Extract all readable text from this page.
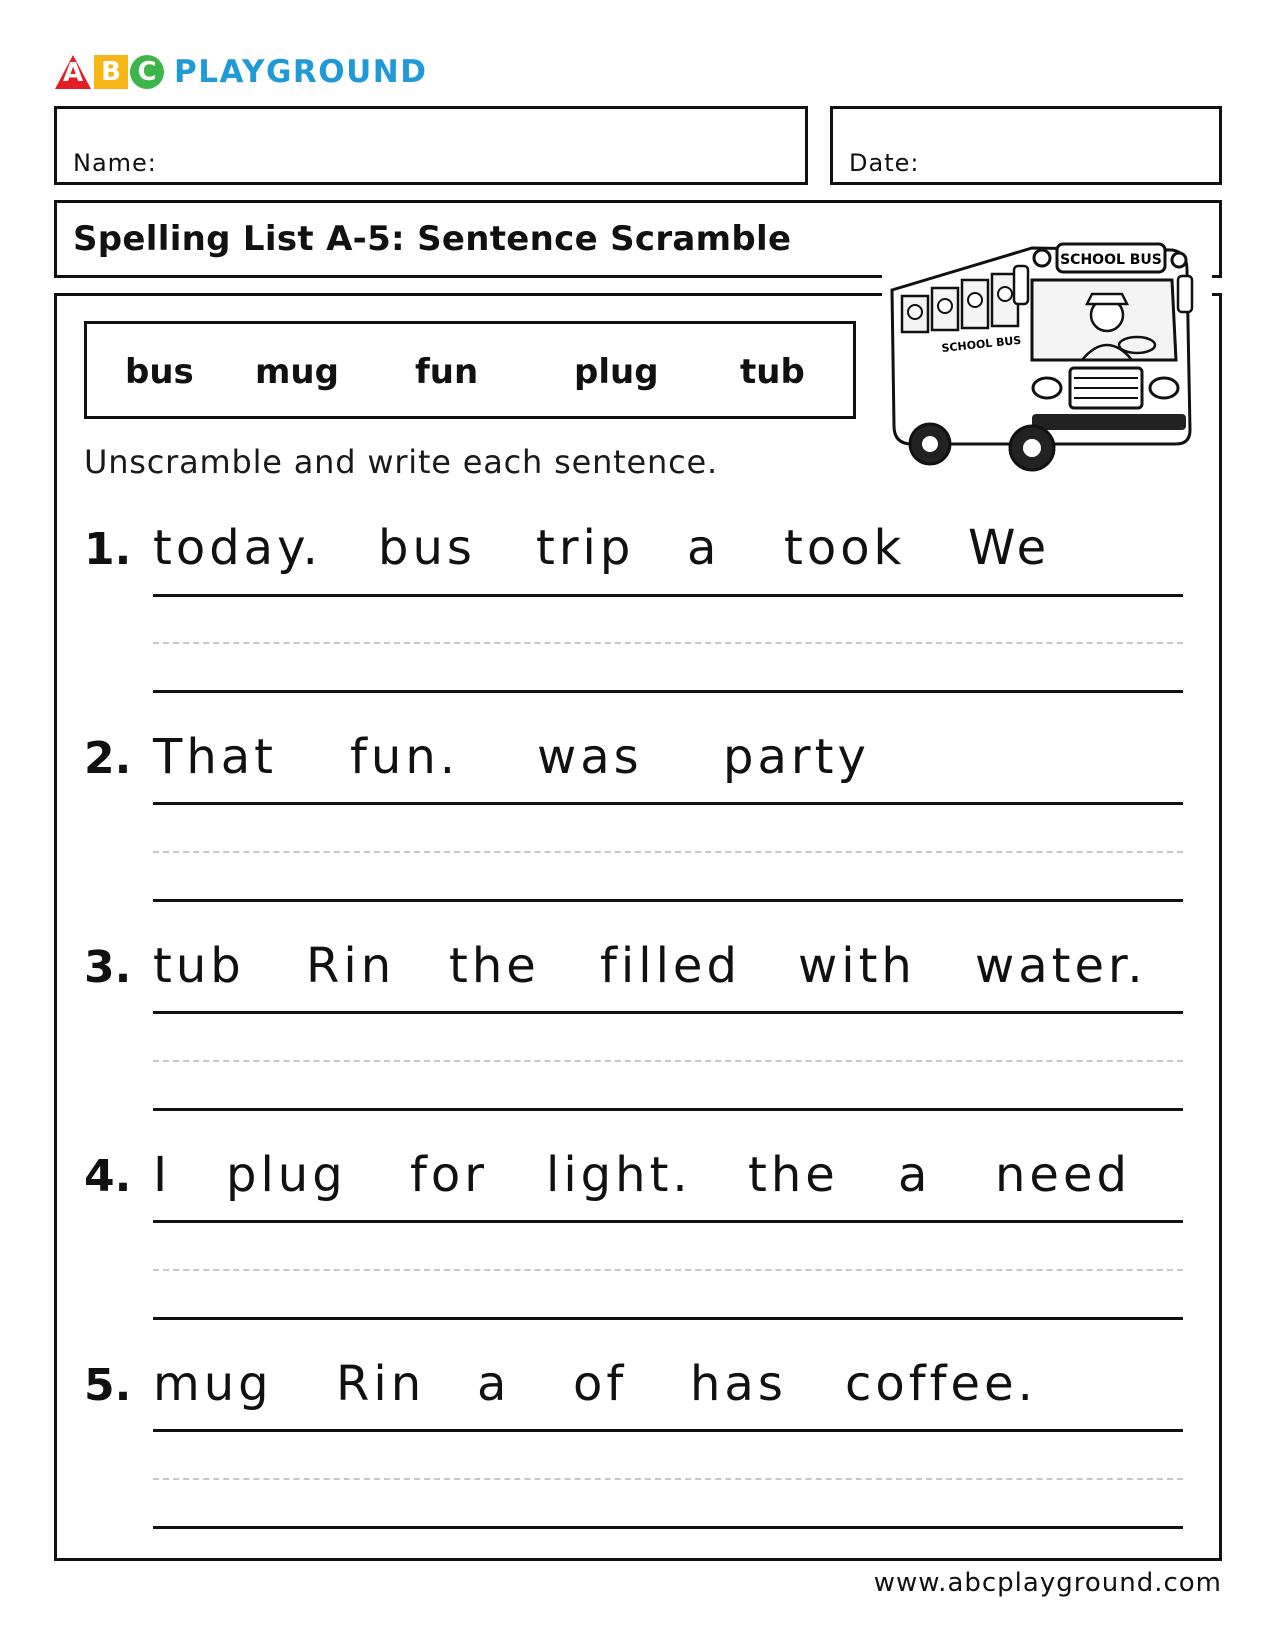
A B C PLAYGROUND
Name:	Date:
Spelling List A-5: Sentence Scramble
SCHOOL BUS
SCHOOL BUS
bus mug fun	plug tub
Unscramble and write each sentence.
1. today. bus trip a took We
2. That fun. was party
3. tub Rin the filled with water.
4. I plug for light. the a need
5. mug Rin a of has coffee.
www.abcplayground.com
